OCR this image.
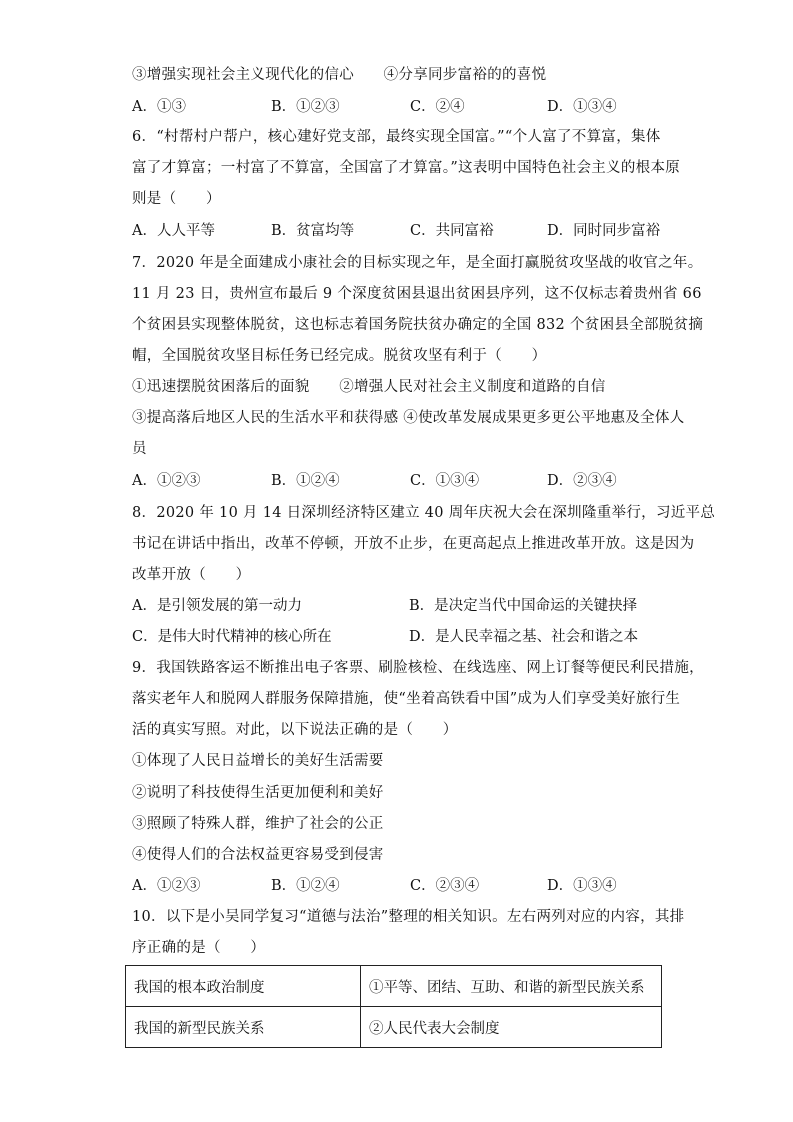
③增强实现社会主义现代化的信心　　④分享同步富裕的的喜悦
A．①③	B．①②③	C．②④	D．①③④
6．“村帮村户帮户，核心建好党支部，最终实现全国富。”“个人富了不算富，集体
富了才算富；一村富了不算富，全国富了才算富。”这表明中国特色社会主义的根本原
则是（　　）
A．人人平等	B．贫富均等	C．共同富裕	D．同时同步富裕
7．2020 年是全面建成小康社会的目标实现之年，是全面打赢脱贫攻坚战的收官之年。
11 月 23 日，贵州宣布最后 9 个深度贫困县退出贫困县序列，这不仅标志着贵州省 66
个贫困县实现整体脱贫，这也标志着国务院扶贫办确定的全国 832 个贫困县全部脱贫摘
帽，全国脱贫攻坚目标任务已经完成。脱贫攻坚有利于（　　）
①迅速摆脱贫困落后的面貌　　②增强人民对社会主义制度和道路的自信
③提高落后地区人民的生活水平和获得感 ④使改革发展成果更多更公平地惠及全体人
员
A．①②③	B．①②④	C．①③④	D．②③④
8．2020 年 10 月 14 日深圳经济特区建立 40 周年庆祝大会在深圳隆重举行，习近平总
书记在讲话中指出，改革不停顿，开放不止步，在更高起点上推进改革开放。这是因为
改革开放（　　）
A．是引领发展的第一动力	B．是决定当代中国命运的关键抉择
C．是伟大时代精神的核心所在	D．是人民幸福之基、社会和谐之本
9．我国铁路客运不断推出电子客票、刷脸核检、在线选座、网上订餐等便民利民措施，
落实老年人和脱网人群服务保障措施，使“坐着高铁看中国”成为人们享受美好旅行生
活的真实写照。对此，以下说法正确的是（　　）
①体现了人民日益增长的美好生活需要
②说明了科技使得生活更加便利和美好
③照顾了特殊人群，维护了社会的公正
④使得人们的合法权益更容易受到侵害
A．①②③	B．①②④	C．②③④	D．①③④
10．以下是小吴同学复习“道德与法治”整理的相关知识。左右两列对应的内容，其排
序正确的是（　　）
我国的根本政治制度	①平等、团结、互助、和谐的新型民族关系
我国的新型民族关系	②人民代表大会制度
